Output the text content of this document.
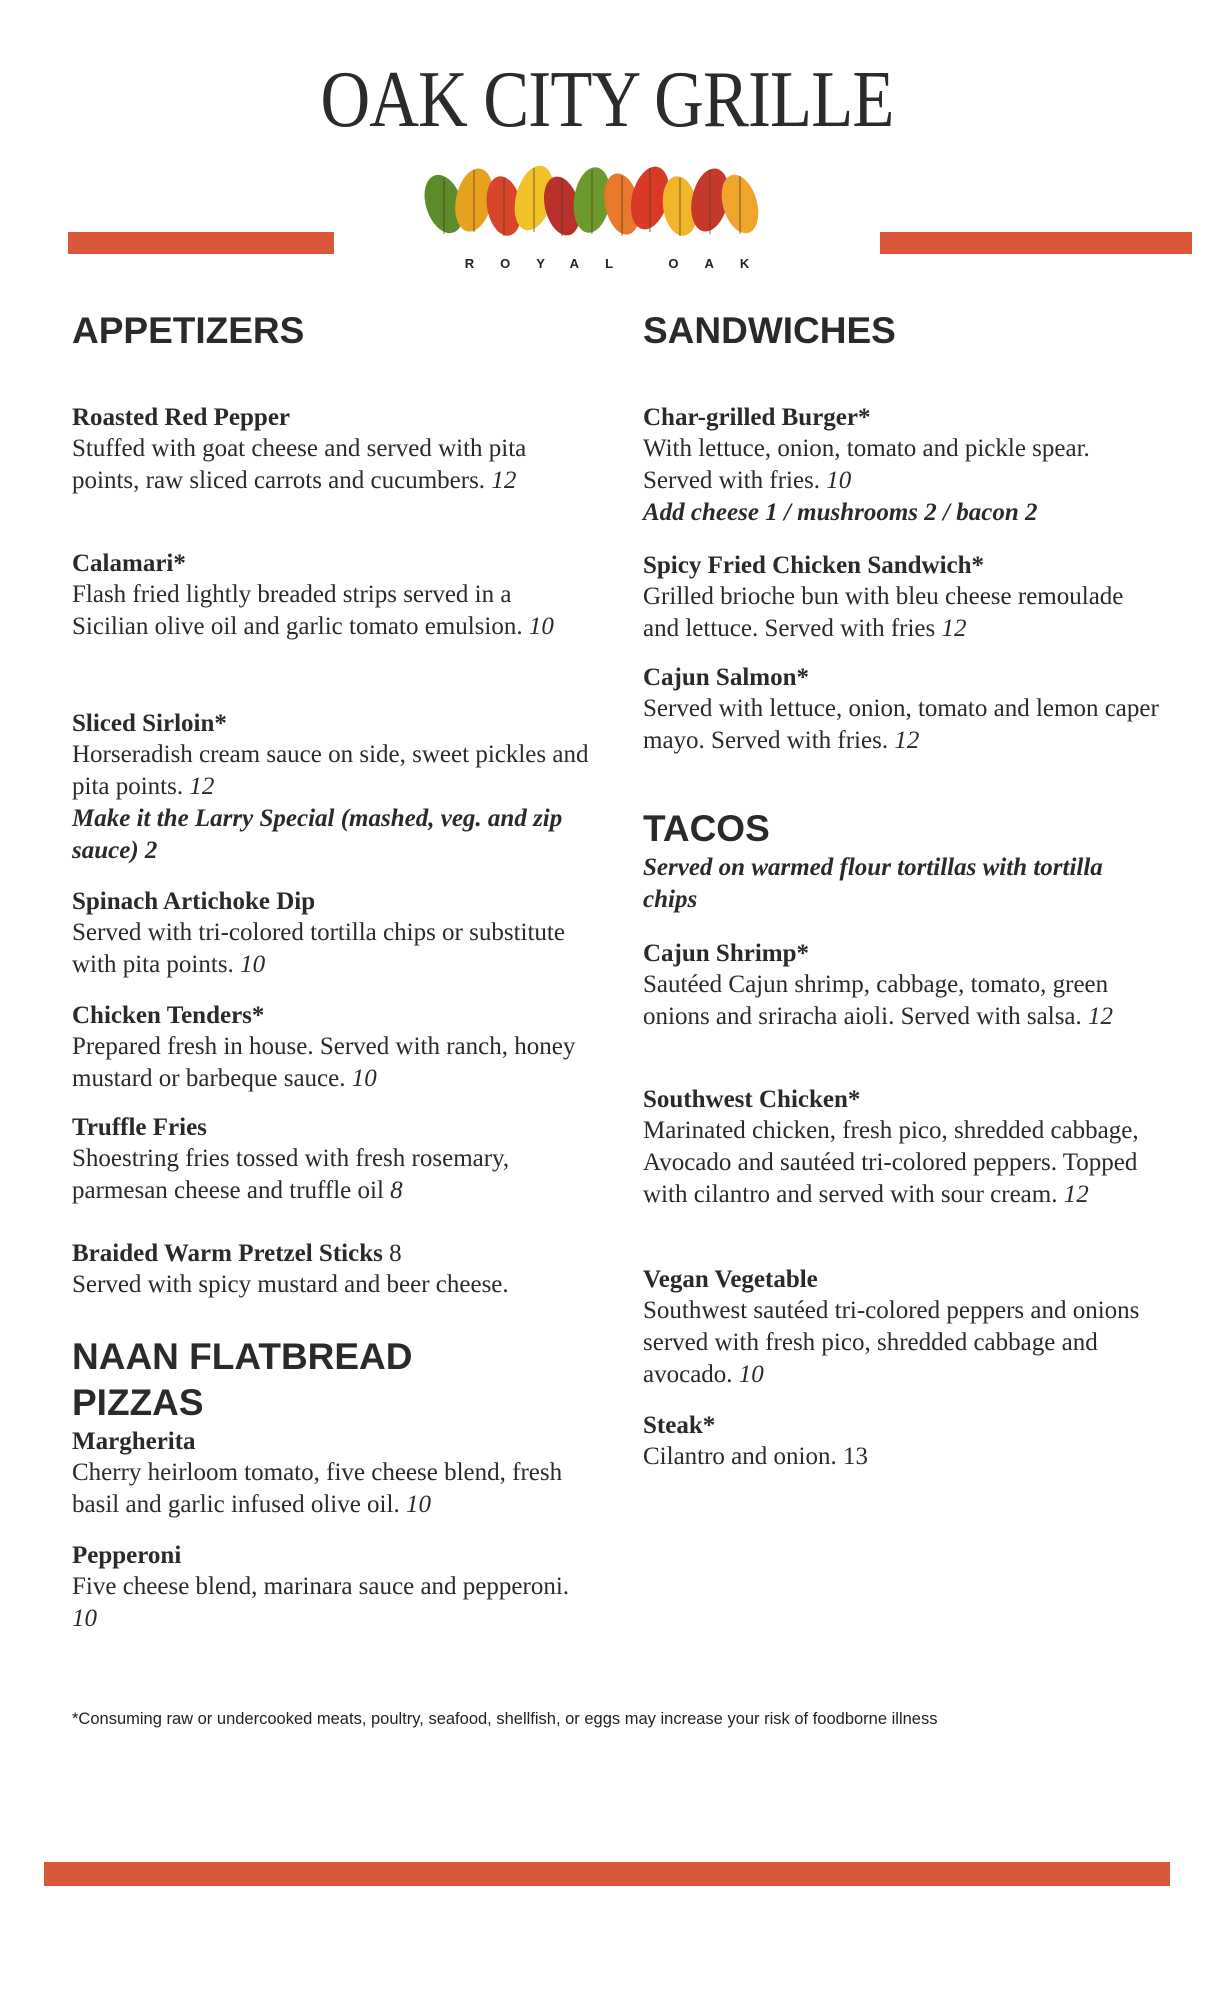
OAK CITY GRILLE
ROYAL OAK
APPETIZERS
Roasted Red Pepper
Stuffed with goat cheese and served with pita points, raw sliced carrots and cucumbers. 12
Calamari*
Flash fried lightly breaded strips served in a Sicilian olive oil and garlic tomato emulsion. 10
Sliced Sirloin*
Horseradish cream sauce on side, sweet pickles and pita points. 12
Make it the Larry Special (mashed, veg. and zip sauce) 2
Spinach Artichoke Dip
Served with tri-colored tortilla chips or substitute with pita points. 10
Chicken Tenders*
Prepared fresh in house. Served with ranch, honey mustard or barbeque sauce. 10
Truffle Fries
Shoestring fries tossed with fresh rosemary, parmesan cheese and truffle oil 8
Braided Warm Pretzel Sticks 8
Served with spicy mustard and beer cheese.
NAAN FLATBREAD
PIZZAS
Margherita
Cherry heirloom tomato, five cheese blend, fresh basil and garlic infused olive oil. 10
Pepperoni
Five cheese blend, marinara sauce and pepperoni. 10
SANDWICHES
Char-grilled Burger*
With lettuce, onion, tomato and pickle spear. Served with fries. 10
Add cheese 1 / mushrooms 2 / bacon 2
Spicy Fried Chicken Sandwich*
Grilled brioche bun with bleu cheese remoulade and lettuce. Served with fries 12
Cajun Salmon*
Served with lettuce, onion, tomato and lemon caper mayo. Served with fries. 12
TACOS
Served on warmed flour tortillas with tortilla chips
Cajun Shrimp*
Sautéed Cajun shrimp, cabbage, tomato, green onions and sriracha aioli. Served with salsa. 12
Southwest Chicken*
Marinated chicken, fresh pico, shredded cabbage, Avocado and sautéed tri-colored peppers. Topped with cilantro and served with sour cream. 12
Vegan Vegetable
Southwest sautéed tri-colored peppers and onions served with fresh pico, shredded cabbage and avocado. 10
Steak*
Cilantro and onion. 13
*Consuming raw or undercooked meats, poultry, seafood, shellfish, or eggs may increase your risk of foodborne illness
